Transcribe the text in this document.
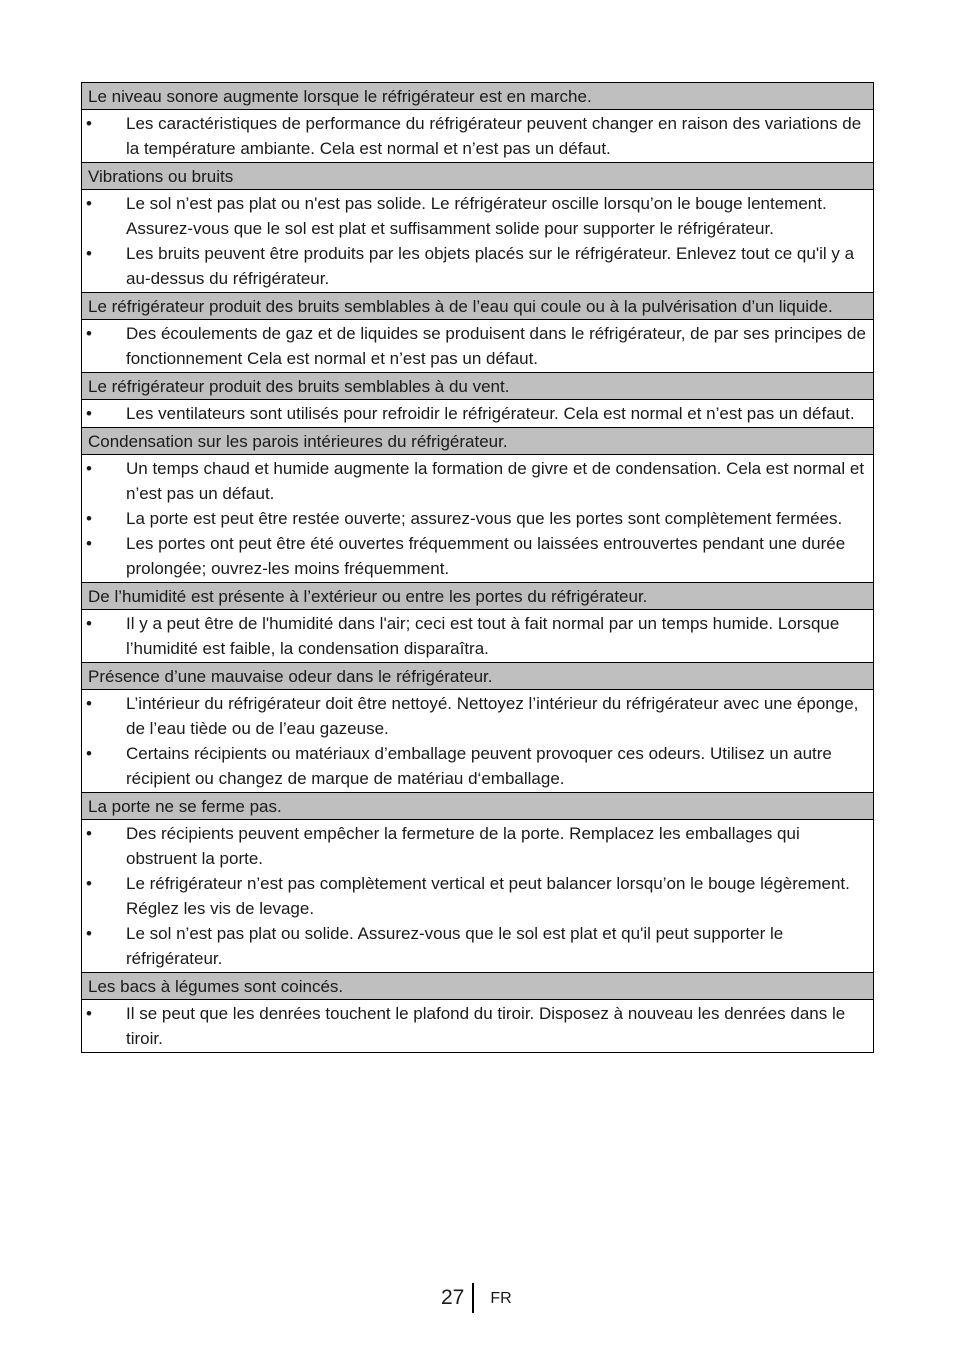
Le niveau sonore augmente lorsque le réfrigérateur est en marche.
•	Les caractéristiques de performance du réfrigérateur peuvent changer en raison des variations de la température ambiante. Cela est normal et n’est pas un défaut.
Vibrations ou bruits
•	Le sol n’est pas plat ou n'est pas solide. Le réfrigérateur oscille lorsqu’on le bouge lentement. Assurez-vous que le sol est plat et suffisamment solide pour supporter le réfrigérateur.
•	Les bruits peuvent être produits par les objets placés sur le réfrigérateur. Enlevez tout ce qu'il y a au-dessus du réfrigérateur.
Le réfrigérateur produit des bruits semblables à de l’eau qui coule ou à la pulvérisation d’un liquide.
•	Des écoulements de gaz et de liquides se produisent dans le réfrigérateur, de par ses principes de fonctionnement Cela est normal et n’est pas un défaut.
Le réfrigérateur produit des bruits semblables à du vent.
•	Les ventilateurs sont utilisés pour refroidir le réfrigérateur. Cela est normal et n’est pas un défaut.
Condensation sur les parois intérieures du réfrigérateur.
•	Un temps chaud et humide augmente la formation de givre et de condensation. Cela est normal et n’est pas un défaut.
•	La porte est peut être restée ouverte; assurez-vous que les portes sont complètement fermées.
•	Les portes ont peut être été ouvertes fréquemment ou laissées entrouvertes pendant une durée prolongée; ouvrez-les moins fréquemment.
De l’humidité est présente à l’extérieur ou entre les portes du réfrigérateur.
•	Il y a peut être de l'humidité dans l'air; ceci est tout à fait normal par un temps humide. Lorsque l’humidité est faible, la condensation disparaîtra.
Présence d’une mauvaise odeur dans le réfrigérateur.
•	L’intérieur du réfrigérateur doit être nettoyé. Nettoyez l’intérieur du réfrigérateur avec une éponge, de l’eau tiède ou de l’eau gazeuse.
•	Certains récipients ou matériaux d’emballage peuvent provoquer ces odeurs. Utilisez un autre récipient ou changez de marque de matériau d‘emballage.
La porte ne se ferme pas.
•	Des récipients peuvent empêcher la fermeture de la porte. Remplacez les emballages qui obstruent la porte.
•	Le réfrigérateur n’est pas complètement vertical et peut balancer lorsqu’on le bouge légèrement. Réglez les vis de levage.
•	Le sol n’est pas plat ou solide. Assurez-vous que le sol est plat et qu'il peut supporter le réfrigérateur.
Les bacs à légumes sont coincés.
•	Il se peut que les denrées touchent le plafond du tiroir. Disposez à nouveau les denrées dans le tiroir.
27	FR
